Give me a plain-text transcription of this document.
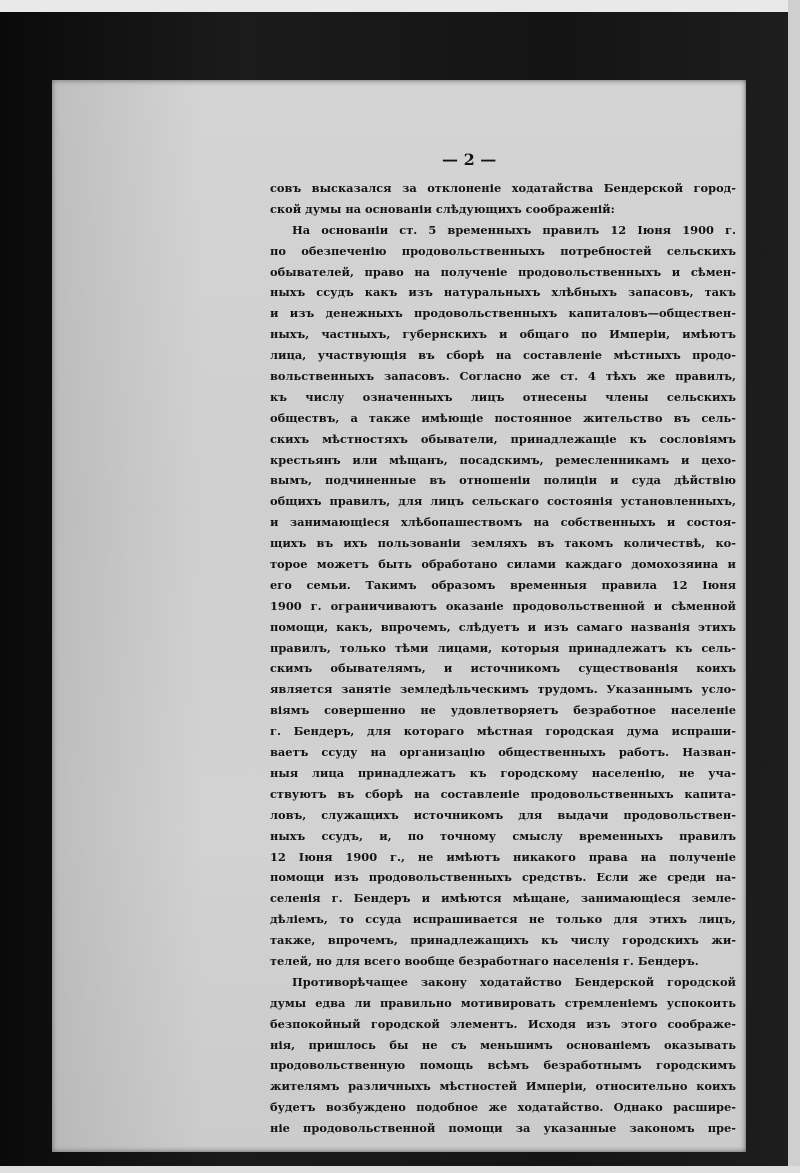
— 2 —
совъ высказался за отклоненіе ходатайства Бендерской город-
ской думы на основаніи слѣдующихъ соображеній:
На основаніи ст. 5 временныхъ правилъ 12 Іюня 1900 г.
по обезпеченію продовольственныхъ потребностей сельскихъ
обывателей, право на полученіе продовольственныхъ и сѣмен-
ныхъ ссудъ какъ изъ натуральныхъ хлѣбныхъ запасовъ, такъ
и изъ денежныхъ продовольственныхъ капиталовъ—обществен-
ныхъ, частныхъ, губернскихъ и общаго по Имперіи, имѣютъ
лица, участвующія въ сборѣ на составленіе мѣстныхъ продо-
вольственныхъ запасовъ. Согласно же ст. 4 тѣхъ же правилъ,
къ числу означенныхъ лицъ отнесены члены сельскихъ
обществъ, а также имѣющіе постоянное жительство въ сель-
скихъ мѣстностяхъ обыватели, принадлежащіе къ сословіямъ
крестьянъ или мѣщанъ, посадскимъ, ремесленникамъ и цехо-
вымъ, подчиненные въ отношеніи полиціи и суда дѣйствію
общихъ правилъ, для лицъ сельскаго состоянія установленныхъ,
и занимающіеся хлѣбопашествомъ на собственныхъ и состоя-
щихъ въ ихъ пользованіи земляхъ въ такомъ количествѣ, ко-
торое можетъ быть обработано силами каждаго домохозяина и
его семьи. Такимъ образомъ временныя правила 12 Іюня
1900 г. ограничиваютъ оказаніе продовольственной и сѣменной
помощи, какъ, впрочемъ, слѣдуетъ и изъ самаго названія этихъ
правилъ, только тѣми лицами, которыя принадлежатъ къ сель-
скимъ обывателямъ, и источникомъ существованія коихъ
является занятіе земледѣльческимъ трудомъ. Указаннымъ усло-
віямъ совершенно не удовлетворяетъ безработное населеніе
г. Бендеръ, для котораго мѣстная городская дума испраши-
ваетъ ссуду на организацію общественныхъ работъ. Назван-
ныя лица принадлежатъ къ городскому населенію, не уча-
ствуютъ въ сборѣ на составленіе продовольственныхъ капита-
ловъ, служащихъ источникомъ для выдачи продовольствен-
ныхъ ссудъ, и, по точному смыслу временныхъ правилъ
12 Іюня 1900 г., не имѣютъ никакого права на полученіе
помощи изъ продовольственныхъ средствъ. Если же среди на-
селенія г. Бендеръ и имѣются мѣщане, занимающіеся земле-
дѣліемъ, то ссуда испрашивается не только для этихъ лицъ,
также, впрочемъ, принадлежащихъ къ числу городскихъ жи-
телей, но для всего вообще безработнаго населенія г. Бендеръ.
Противорѣчащее закону ходатайство Бендерской городской
думы едва ли правильно мотивировать стремленіемъ успокоить
безпокойный городской элементъ. Исходя изъ этого соображе-
нія, пришлось бы не съ меньшимъ основаніемъ оказывать
продовольственную помощь всѣмъ безработнымъ городскимъ
жителямъ различныхъ мѣстностей Имперіи, относительно коихъ
будетъ возбуждено подобное же ходатайство. Однако расшире-
ніе продовольственной помощи за указанные закономъ пре-
